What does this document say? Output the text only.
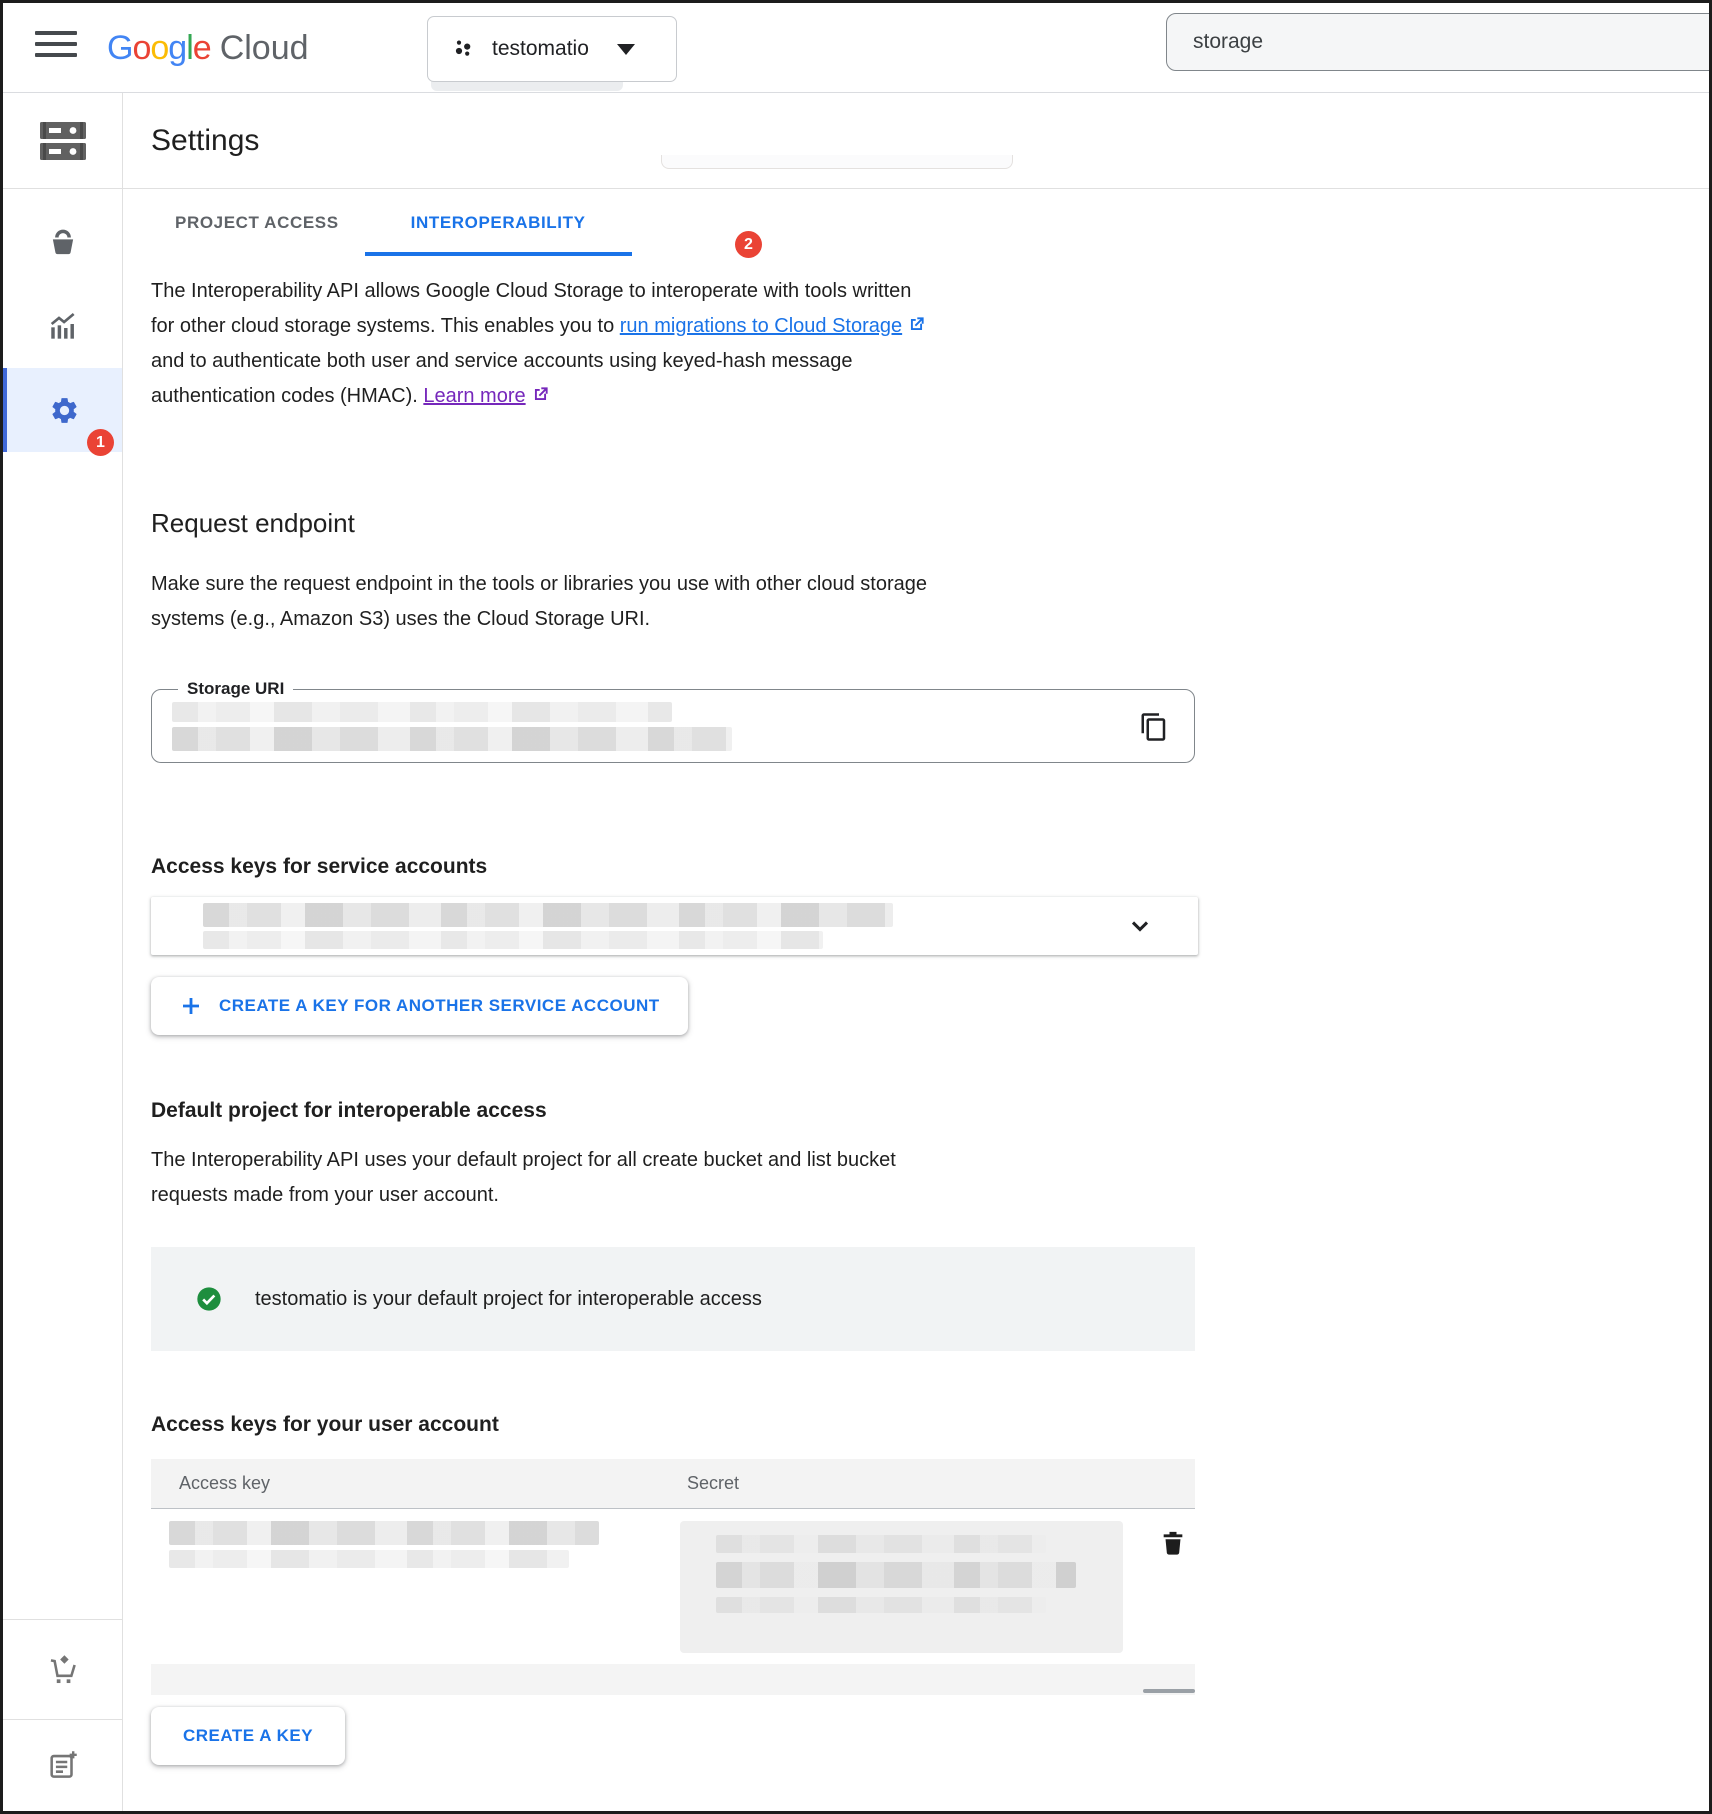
G o o g l e Cloud	testomatio	storage
1
Settings
PROJECT ACCESS	INTEROPERABILITY
2
The Interoperability API allows Google Cloud Storage to interoperate with tools written
for other cloud storage systems. This enables you to run migrations to Cloud Storage
and to authenticate both user and service accounts using keyed-hash message
authentication codes (HMAC). Learn more
Request endpoint
Make sure the request endpoint in the tools or libraries you use with other cloud storage
systems (e.g., Amazon S3) uses the Cloud Storage URI.
Storage URI
Access keys for service accounts
CREATE A KEY FOR ANOTHER SERVICE ACCOUNT
Default project for interoperable access
The Interoperability API uses your default project for all create bucket and list bucket
requests made from your user account.
testomatio is your default project for interoperable access
Access keys for your user account
Access key	Secret
CREATE A KEY
